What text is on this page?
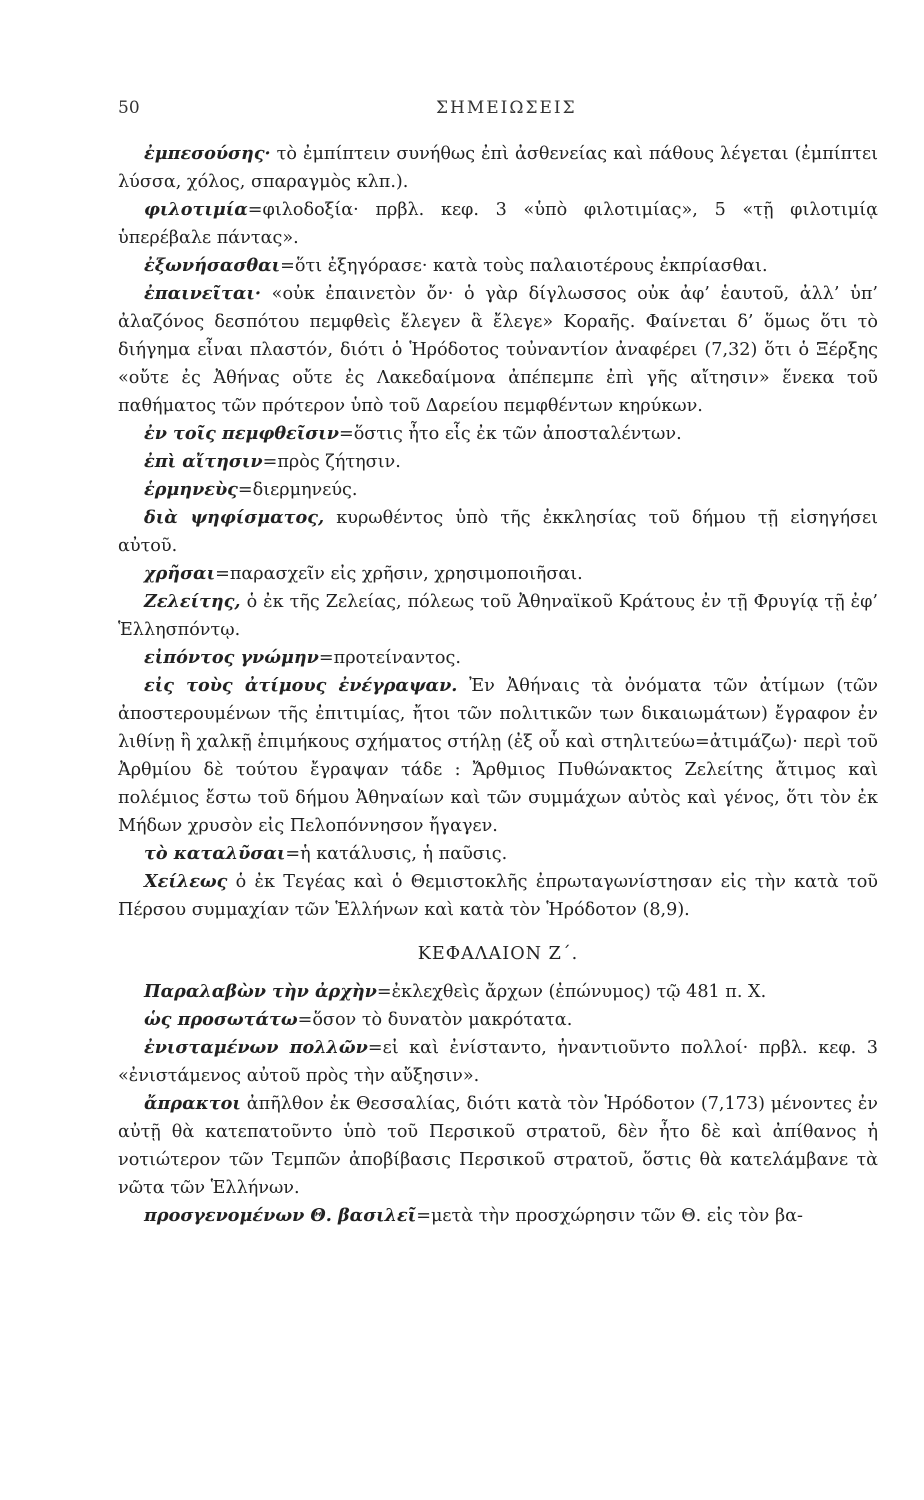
50	ΣΗΜΕΙΩΣΕΙΣ

ἐμπεσούσης· τὸ ἐμπίπτειν συνήθως ἐπὶ ἀσθενείας καὶ πάθους λέγεται (ἐμπίπτει λύσσα, χόλος, σπαραγμὸς κλπ.).

φιλοτιμία=φιλοδοξία· πρβλ. κεφ. 3 «ὑπὸ φιλοτιμίας», 5 «τῇ φιλοτιμίᾳ ὑπερέβαλε πάντας».

ἐξωνήσασθαι=ὅτι ἐξηγόρασε· κατὰ τοὺς παλαιοτέρους ἐκπρίασθαι.

ἐπαινεῖται· «οὐκ ἐπαινετὸν ὄν· ὁ γὰρ δίγλωσσος οὐκ ἀφ’ ἑαυτοῦ, ἀλλ’ ὑπ’ ἀλαζόνος δεσπότου πεμφθεὶς ἔλεγεν ἃ ἔλεγε» Κοραῆς. Φαίνεται δ’ ὅμως ὅτι τὸ διήγημα εἶναι πλαστόν, διότι ὁ Ἡρόδοτος τοὐναντίον ἀναφέρει (7,32) ὅτι ὁ Ξέρξης «οὔτε ἐς Ἀθήνας οὔτε ἐς Λακεδαίμονα ἀπέπεμπε ἐπὶ γῆς αἴτησιν» ἕνεκα τοῦ παθήματος τῶν πρότερον ὑπὸ τοῦ Δαρείου πεμφθέντων κηρύκων.

ἐν τοῖς πεμφθεῖσιν=ὅστις ἦτο εἷς ἐκ τῶν ἀποσταλέντων.

ἐπὶ αἴτησιν=πρὸς ζήτησιν.

ἑρμηνεὺς=διερμηνεύς.

διὰ ψηφίσματος, κυρωθέντος ὑπὸ τῆς ἐκκλησίας τοῦ δήμου τῇ εἰσηγήσει αὐτοῦ.

χρῆσαι=παρασχεῖν εἰς χρῆσιν, χρησιμοποιῆσαι.

Ζελείτης, ὁ ἐκ τῆς Ζελείας, πόλεως τοῦ Ἀθηναϊκοῦ Κράτους ἐν τῇ Φρυγίᾳ τῇ ἐφ’ Ἑλλησπόντῳ.

εἰπόντος γνώμην=προτείναντος.

εἰς τοὺς ἀτίμους ἐνέγραψαν. Ἐν Ἀθήναις τὰ ὀνόματα τῶν ἀτίμων (τῶν ἀποστερουμένων τῆς ἐπιτιμίας, ἤτοι τῶν πολιτικῶν των δικαιωμάτων) ἔγραφον ἐν λιθίνῃ ἢ χαλκῇ ἐπιμήκους σχήματος στήλῃ (ἐξ οὗ καὶ στηλιτεύω=ἀτιμάζω)· περὶ τοῦ Ἀρθμίου δὲ τούτου ἔγραψαν τάδε : Ἄρθμιος Πυθώνακτος Ζελείτης ἄτιμος καὶ πολέμιος ἔστω τοῦ δήμου Ἀθηναίων καὶ τῶν συμμάχων αὐτὸς καὶ γένος, ὅτι τὸν ἐκ Μήδων χρυσὸν εἰς Πελοπόννησον ἤγαγεν.

τὸ καταλῦσαι=ἡ κατάλυσις, ἡ παῦσις.

Χείλεως ὁ ἐκ Τεγέας καὶ ὁ Θεμιστοκλῆς ἐπρωταγωνίστησαν εἰς τὴν κατὰ τοῦ Πέρσου συμμαχίαν τῶν Ἑλλήνων καὶ κατὰ τὸν Ἡρόδοτον (8,9).

ΚΕΦΑΛΑΙΟΝ Ζ΄.

Παραλαβὼν τὴν ἀρχὴν=ἐκλεχθεὶς ἄρχων (ἐπώνυμος) τῷ 481 π. Χ.

ὡς προσωτάτω=ὅσον τὸ δυνατὸν μακρότατα.

ἐνισταμένων πολλῶν=εἰ καὶ ἐνίσταντο, ἠναντιοῦντο πολλοί· πρβλ. κεφ. 3 «ἐνιστάμενος αὐτοῦ πρὸς τὴν αὔξησιν».

ἄπρακτοι ἀπῆλθον ἐκ Θεσσαλίας, διότι κατὰ τὸν Ἡρόδοτον (7,173) μένοντες ἐν αὐτῇ θὰ κατεπατοῦντο ὑπὸ τοῦ Περσικοῦ στρατοῦ, δὲν ἦτο δὲ καὶ ἀπίθανος ἡ νοτιώτερον τῶν Τεμπῶν ἀποβίβασις Περσικοῦ στρατοῦ, ὅστις θὰ κατελάμβανε τὰ νῶτα τῶν Ἑλλήνων.

προσγενομένων Θ. βασιλεῖ=μετὰ τὴν προσχώρησιν τῶν Θ. εἰς τὸν βα-
